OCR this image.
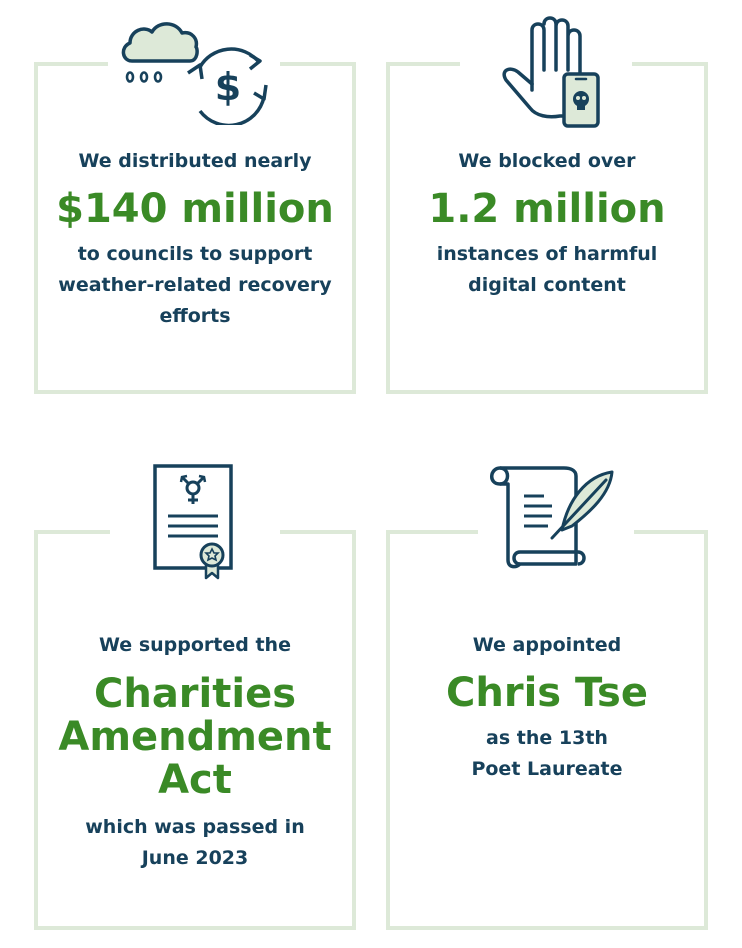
We distributed nearly

$140 million

to councils to support

weather-related recovery

efforts

$

We blocked over

1.2 million

instances of harmful

digital content

We supported the

Charities
Amendment
Act

which was passed in

June 2023

We appointed

Chris Tse

as the 13th

Poet Laureate
